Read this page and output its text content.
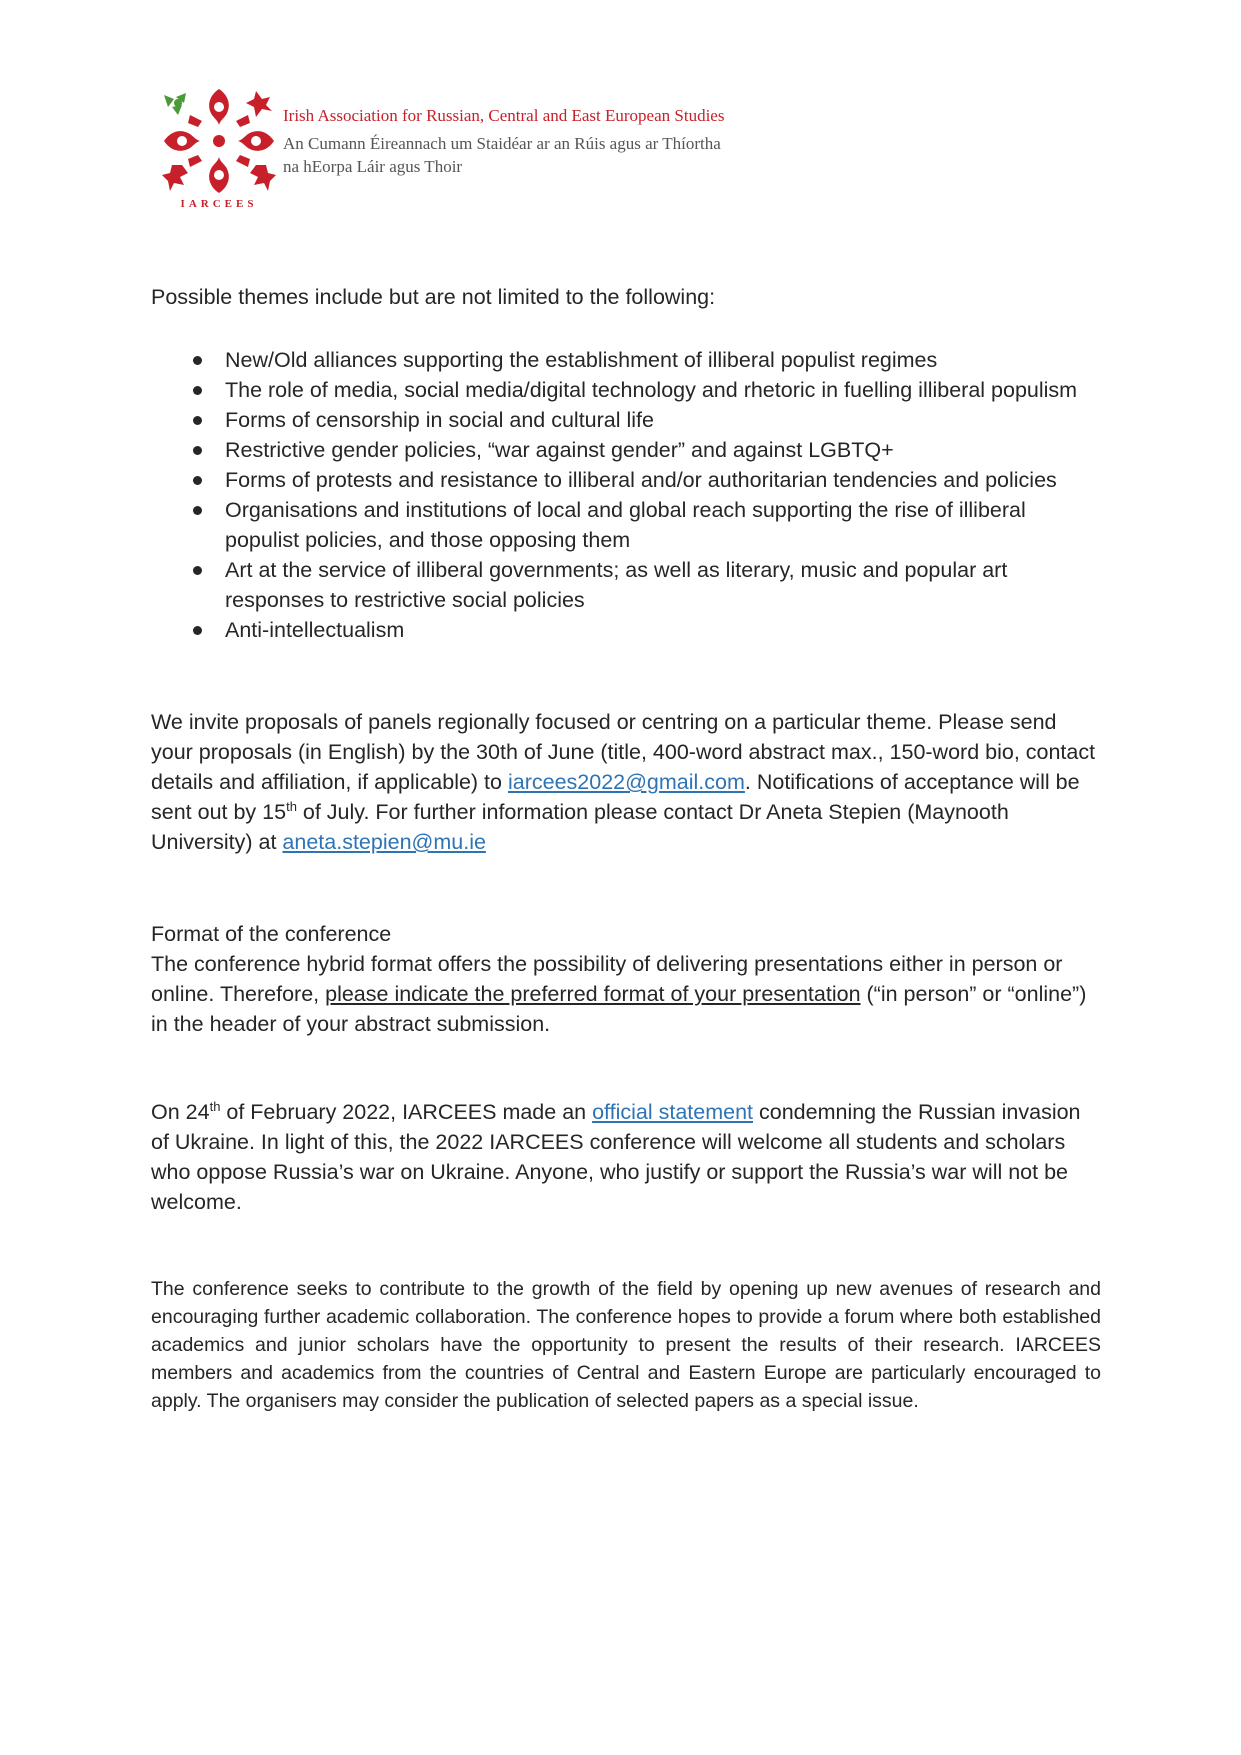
IARCEES
Irish Association for Russian, Central and East European Studies
An Cumann Éireannach um Staidéar ar an Rúis agus ar Thíortha
na hEorpa Láir agus Thoir

Possible themes include but are not limited to the following:

New/Old alliances supporting the establishment of illiberal populist regimes
The role of media, social media/digital technology and rhetoric in fuelling illiberal populism
Forms of censorship in social and cultural life
Restrictive gender policies, “war against gender” and against LGBTQ+
Forms of protests and resistance to illiberal and/or authoritarian tendencies and policies
Organisations and institutions of local and global reach supporting the rise of illiberal populist policies, and those opposing them
Art at the service of illiberal governments; as well as literary, music and popular art responses to restrictive social policies
Anti-intellectualism

We invite proposals of panels regionally focused or centring on a particular theme. Please send your proposals (in English) by the 30th of June (title, 400-word abstract max., 150-word bio, contact details and affiliation, if applicable) to iarcees2022@gmail.com. Notifications of acceptance will be sent out by 15th of July. For further information please contact Dr Aneta Stepien (Maynooth University) at aneta.stepien@mu.ie

Format of the conference

The conference hybrid format offers the possibility of delivering presentations either in person or online. Therefore, please indicate the preferred format of your presentation (“in person” or “online”) in the header of your abstract submission.

On 24th of February 2022, IARCEES made an official statement condemning the Russian invasion of Ukraine. In light of this, the 2022 IARCEES conference will welcome all students and scholars who oppose Russia’s war on Ukraine. Anyone, who justify or support the Russia’s war will not be welcome.

The conference seeks to contribute to the growth of the field by opening up new avenues of research and encouraging further academic collaboration. The conference hopes to provide a forum where both established academics and junior scholars have the opportunity to present the results of their research. IARCEES members and academics from the countries of Central and Eastern Europe are particularly encouraged to apply. The organisers may consider the publication of selected papers as a special issue.
